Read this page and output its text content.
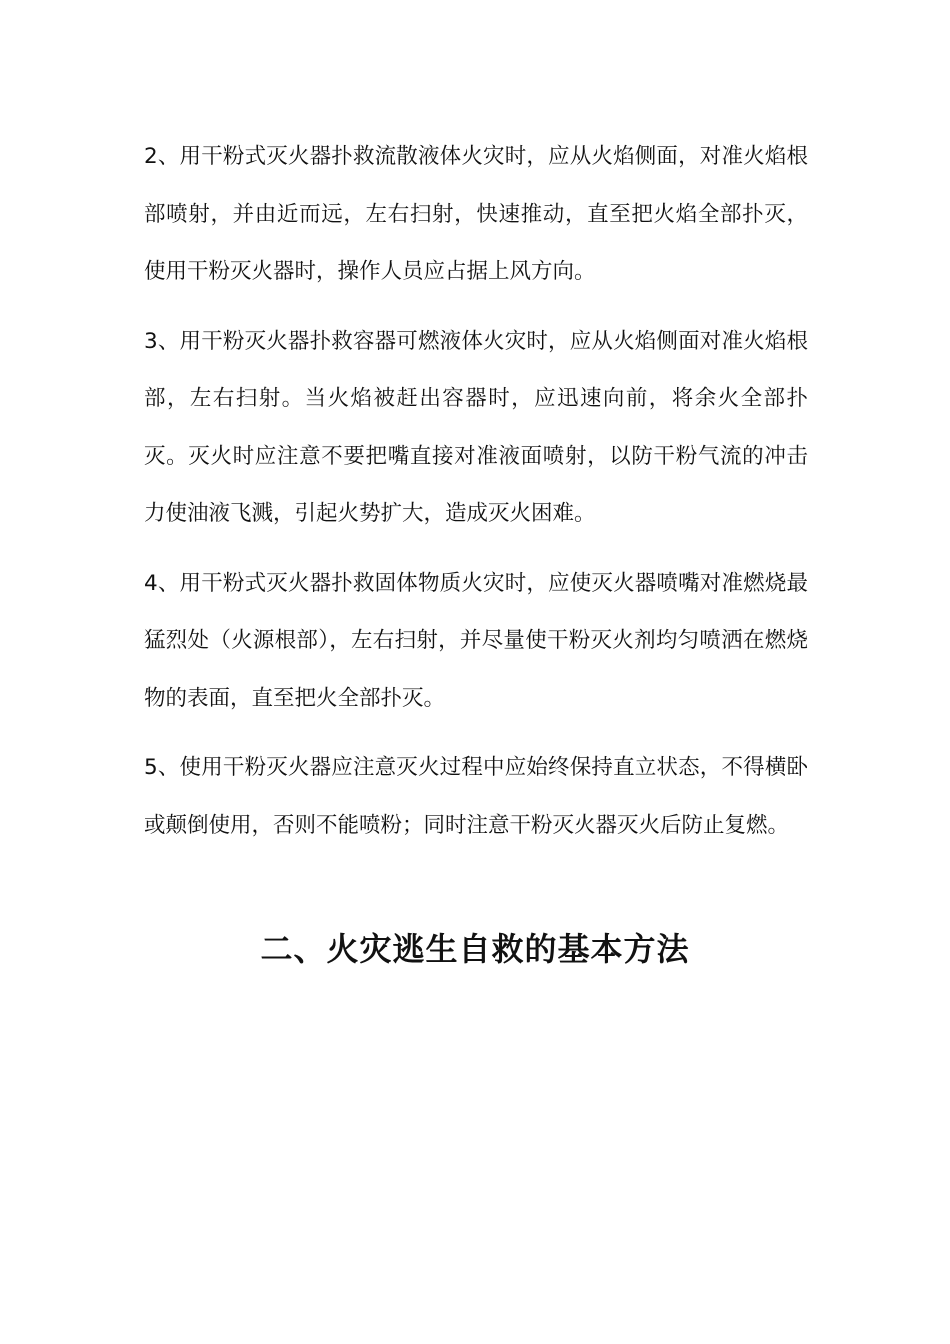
2、用干粉式灭火器扑救流散液体火灾时，应从火焰侧面，对准火焰根部喷射，并由近而远，左右扫射，快速推动，直至把火焰全部扑灭，使用干粉灭火器时，操作人员应占据上风方向。

3、用干粉灭火器扑救容器可燃液体火灾时，应从火焰侧面对准火焰根部，左右扫射。当火焰被赶出容器时，应迅速向前，将余火全部扑灭。灭火时应注意不要把嘴直接对准液面喷射，以防干粉气流的冲击力使油液飞溅，引起火势扩大，造成灭火困难。

4、用干粉式灭火器扑救固体物质火灾时，应使灭火器喷嘴对准燃烧最猛烈处（火源根部），左右扫射，并尽量使干粉灭火剂均匀喷洒在燃烧物的表面，直至把火全部扑灭。

5、使用干粉灭火器应注意灭火过程中应始终保持直立状态，不得横卧或颠倒使用，否则不能喷粉；同时注意干粉灭火器灭火后防止复燃。

二、火灾逃生自救的基本方法
